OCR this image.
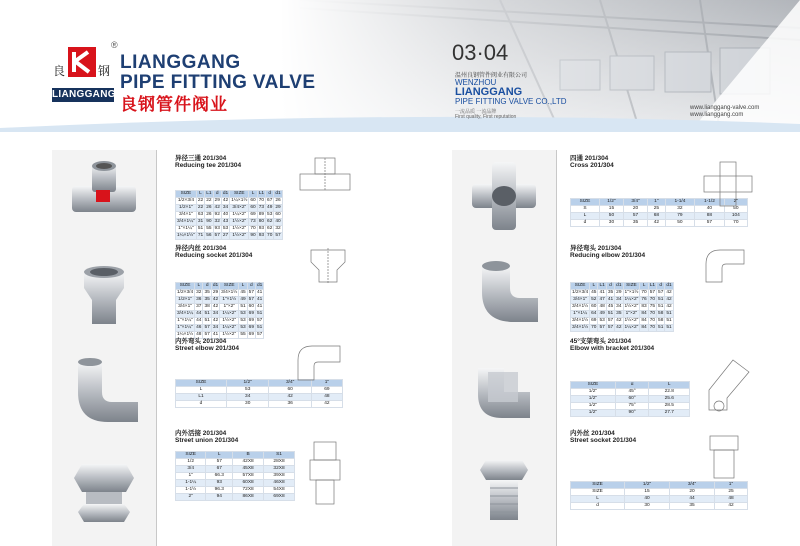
良	钢
®
LIANGGANG
LIANGGANG
PIPE FITTING VALVE
良钢管件阀业
03·04
温州良钢管件阀业有限公司
WENZHOU
LIANGGANG
PIPE FITTING VALVE CO.,LTD
一流品质 一流品牌
First quality, First reputation
www.lianggang-valve.com
www.lianggang.com
异径三通 201/304
Reducing tee 201/304
SIZE	L	L1	d	d1	SIZE	L	L1	d	d1
1/2×3/4	22	22	29	42	1¼×1½	60	70	67	26
1/2×1"	22	26	42	34	3/4×2"	60	73	49	29
3/4×1"	63	26	92	40	1¼×2"	69	89	53	60
3/4×1¼"	31	90	32	43	1½×2"	73	80	62	40
1"×1¼"	51	55	93	53	1½×2"	70	93	62	32
1¼×1½"	71	56	57	27	1½×2"	90	93	70	57
异径内丝 201/304
Reducing socket 201/304
SIZE	L	d	d1	SIZE	L	d	d1
1/2×3/4	32	35	29	3/4×1½	45	57	41
1/2×1"	36	35	42	1"×1½	49	57	41
3/4×1"	37	38	42	1"×2"	51	60	41
3/4×1¼	44	51	34	1¼×2"	53	69	51
1"×1¼"	44	51	42	1½×2"	53	69	57
1"×1¼"	46	57	34	1¼×2"	53	69	51
1¼×1½	48	57	41	1½×2"	55	69	57
内外弯头 201/304
Street elbow 201/304
SIZE	1/2"	3/4"	1"
L	53	60	69
L1	34	42	48
d	30	36	42
内外活接 201/304
Street union 201/304
SIZE	L	B	S1
1/2	57	42X8	28X8
3/4	67	45X8	32X8
1"	66.3	57X8	39X8
1-1¼	93	60X8	46X8
1-1½	96.3	72X8	54X8
2"	94	86X8	69X8
四通 201/304
Cross 201/304
SIZE	1/2"	3/4"	1"	1-1/4	1-1/2	2"
S	15	20	25	32	40	50
L	50	57	68	79	88	104
d	30	35	42	50	57	70
异径弯头 201/304
Reducing elbow 201/304
SIZE	L	L1	d	d1	SIZE	L	L1	d	d1
1/2×3/4	45	41	35	29	1"×1½	70	57	57	42
3/4×1"	52	47	41	34	1¼×2"	76	70	51	42
3/4×1½	60	48	45	34	1½×2"	83	75	51	42
1"×1¼	64	49	51	35	1"×2"	84	70	58	51
3/4×1½	69	53	57	42	1½×2"	84	70	58	51
3/4×1½	70	57	57	42	1¼×2"	84	70	51	51
45°支架弯头 201/304
Elbow with bracket 201/304
SIZE	α	L
1/2"	45°	22.8
1/2"	60°	25.6
1/2"	75°	28.5
1/2"	90°	27.7
内外丝 201/304
Street socket 201/304
SIZE	1/2"	3/4"	1"
SIZE	15	20	25
L	40	44	48
d	30	35	42
